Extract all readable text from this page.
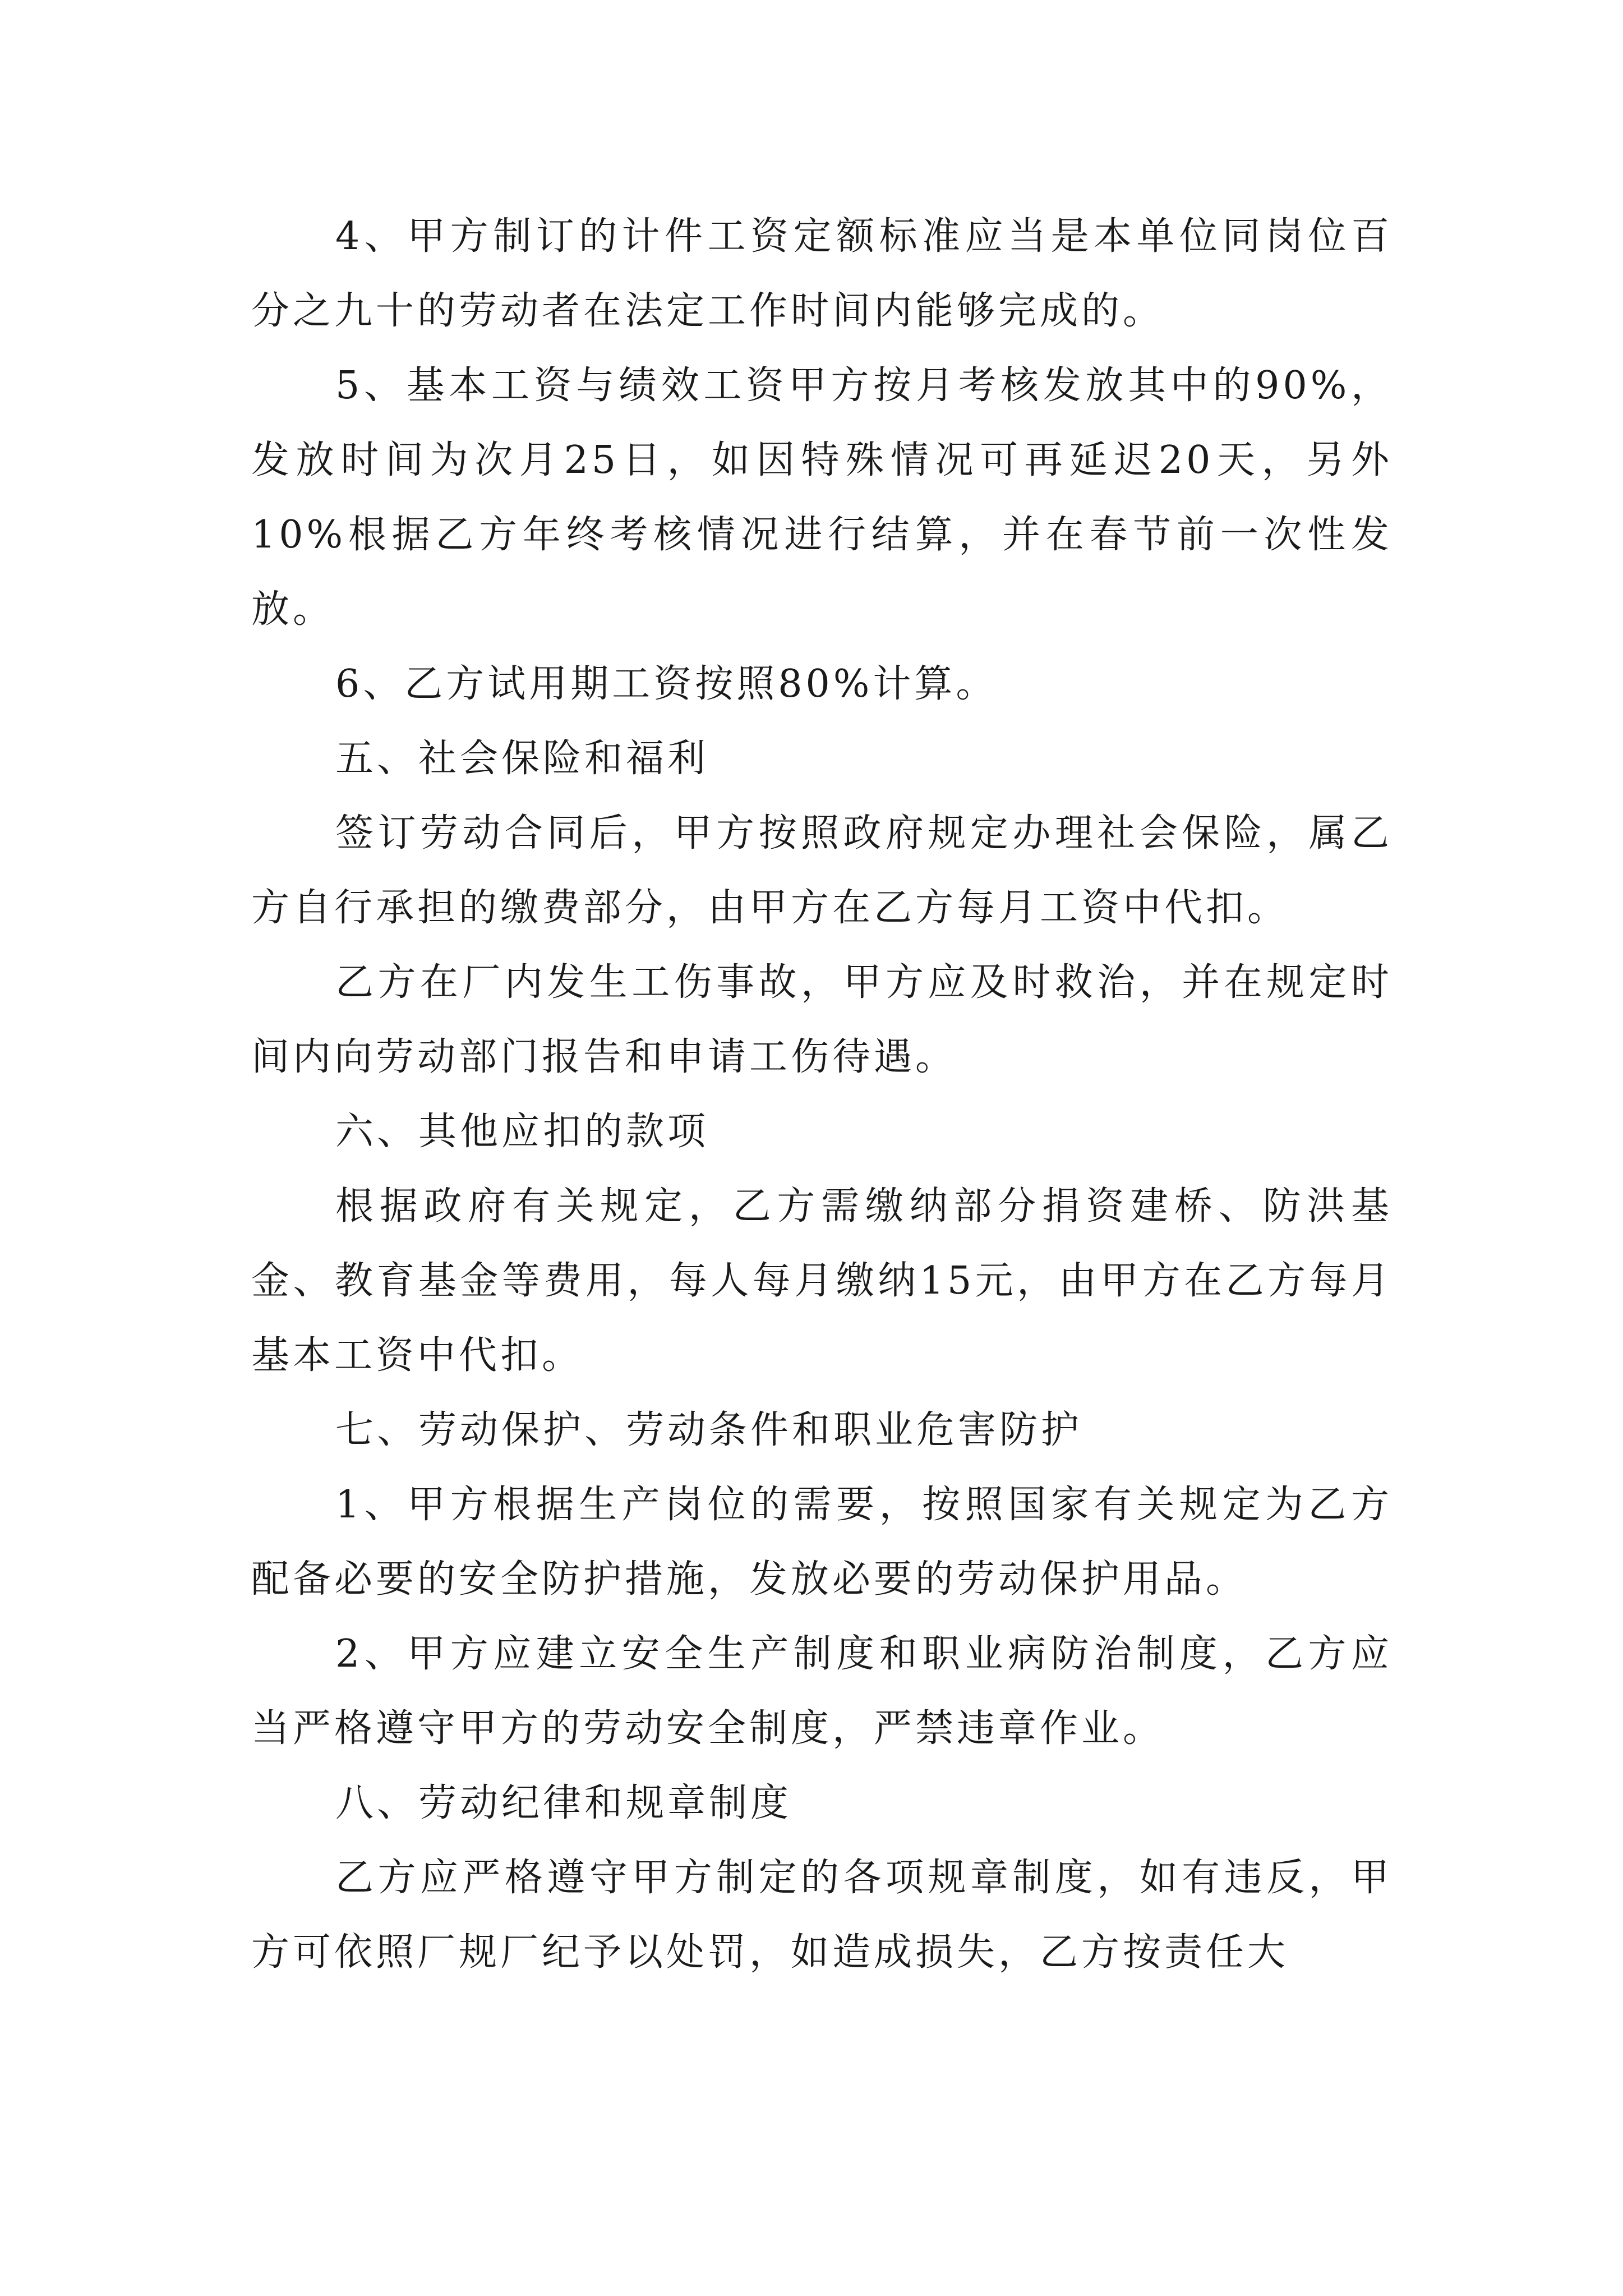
4、甲方制订的计件工资定额标准应当是本单位同岗位百分之九十的劳动者在法定工作时间内能够完成的。

5、基本工资与绩效工资甲方按月考核发放其中的90%，发放时间为次月25日，如因特殊情况可再延迟20天，另外10%根据乙方年终考核情况进行结算，并在春节前一次性发放。

6、乙方试用期工资按照80%计算。

五、社会保险和福利

签订劳动合同后，甲方按照政府规定办理社会保险，属乙方自行承担的缴费部分，由甲方在乙方每月工资中代扣。

乙方在厂内发生工伤事故，甲方应及时救治，并在规定时间内向劳动部门报告和申请工伤待遇。

六、其他应扣的款项

根据政府有关规定，乙方需缴纳部分捐资建桥、防洪基金、教育基金等费用，每人每月缴纳15元，由甲方在乙方每月基本工资中代扣。

七、劳动保护、劳动条件和职业危害防护

1、甲方根据生产岗位的需要，按照国家有关规定为乙方配备必要的安全防护措施，发放必要的劳动保护用品。

2、甲方应建立安全生产制度和职业病防治制度，乙方应当严格遵守甲方的劳动安全制度，严禁违章作业。

八、劳动纪律和规章制度

乙方应严格遵守甲方制定的各项规章制度，如有违反，甲方可依照厂规厂纪予以处罚，如造成损失，乙方按责任大
